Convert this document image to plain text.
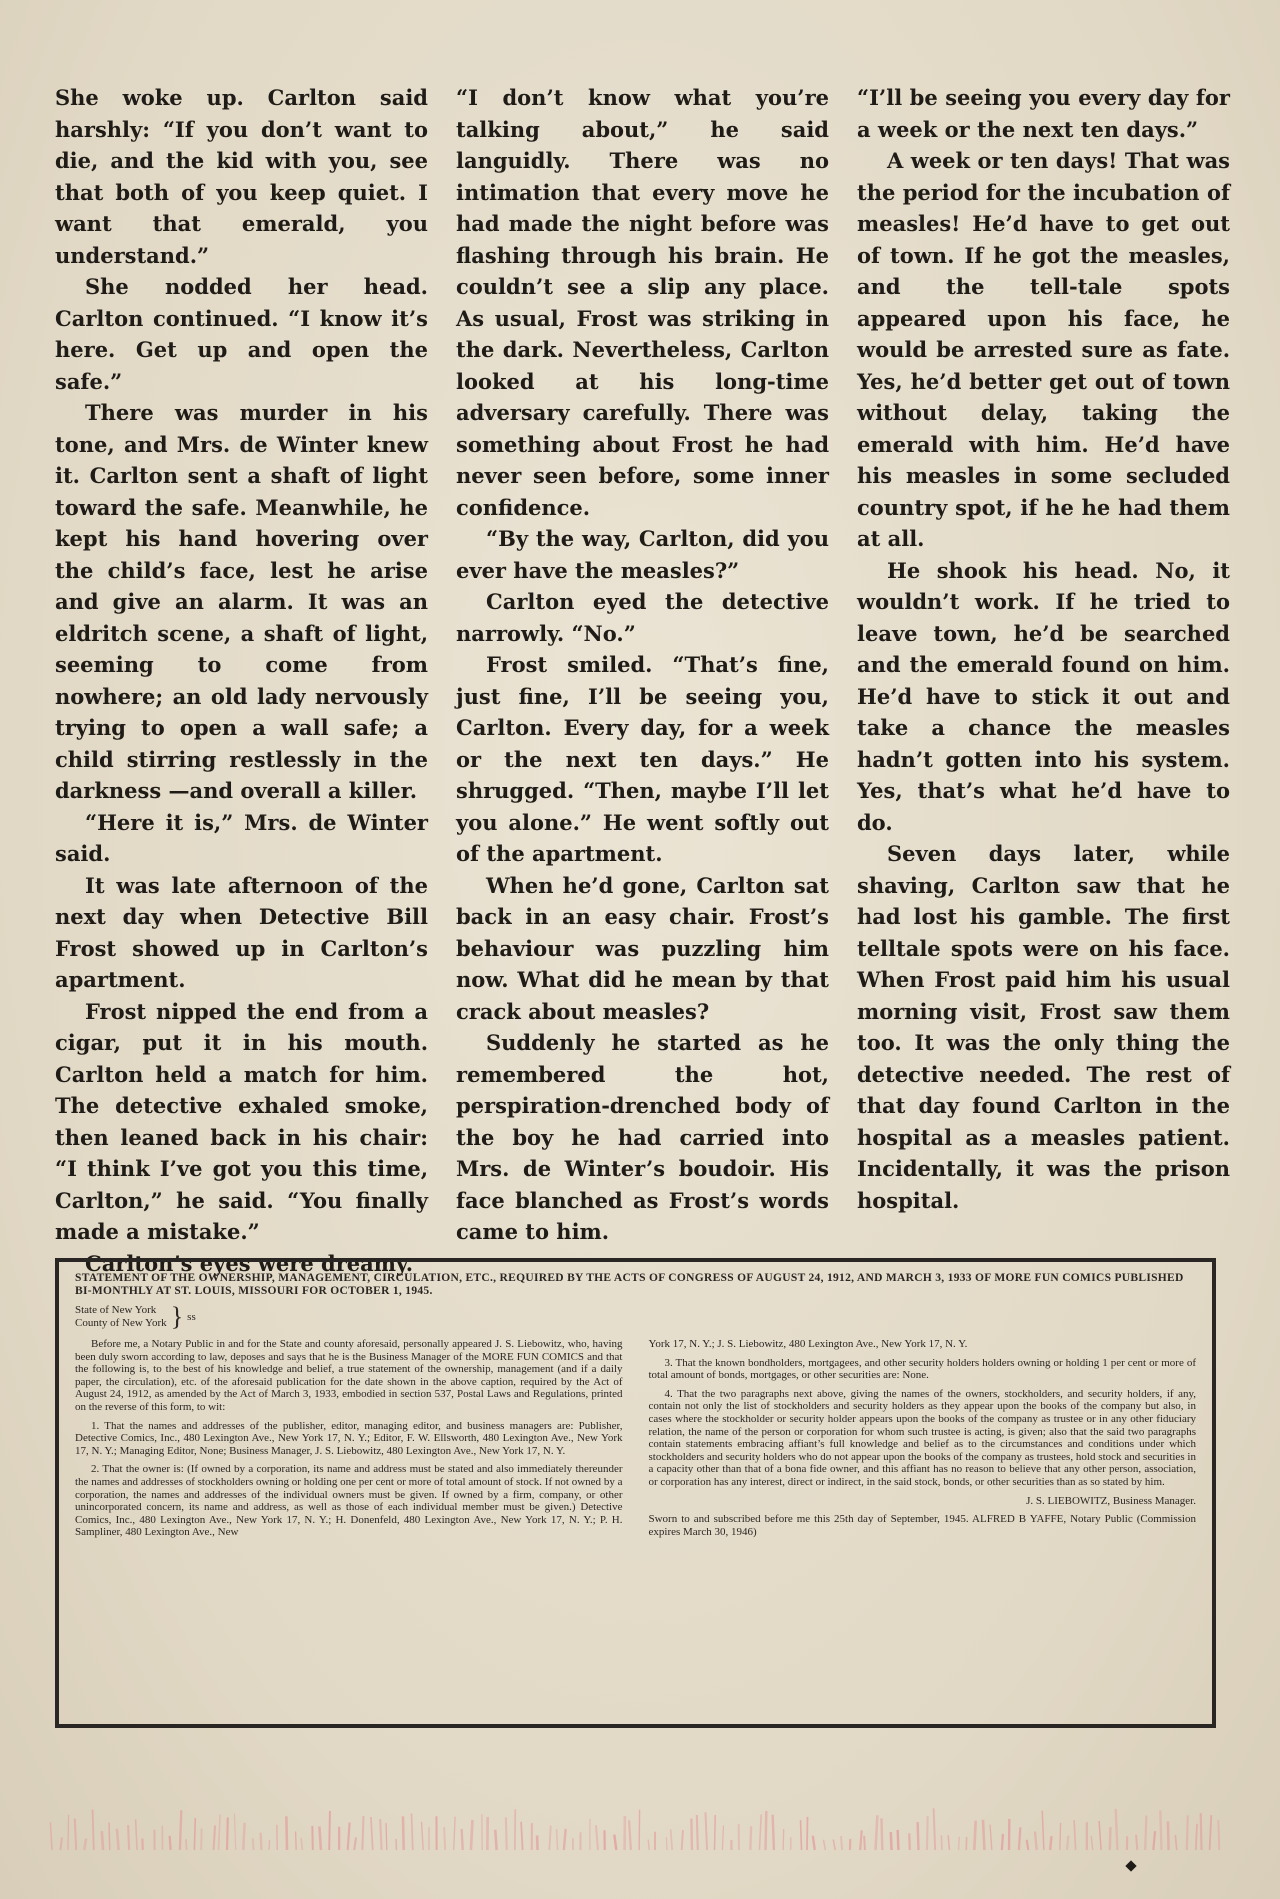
She woke up. Carlton said harshly: “If you don’t want to die, and the kid with you, see that both of you keep quiet. I want that emerald, you understand.”

She nodded her head. Carlton continued. “I know it’s here. Get up and open the safe.”

There was murder in his tone, and Mrs. de Winter knew it. Carlton sent a shaft of light toward the safe. Meanwhile, he kept his hand hovering over the child’s face, lest he arise and give an alarm. It was an eldritch scene, a shaft of light, seeming to come from nowhere; an old lady nervously trying to open a wall safe; a child stirring restlessly in the darkness —and overall a killer.

“Here it is,” Mrs. de Winter said.

It was late afternoon of the next day when Detective Bill Frost showed up in Carlton’s apartment.

Frost nipped the end from a cigar, put it in his mouth. Carlton held a match for him. The detective exhaled smoke, then leaned back in his chair: “I think I’ve got you this time, Carlton,” he said. “You finally made a mistake.”

Carlton’s eyes were dreamy.

“I don’t know what you’re talking about,” he said languidly. There was no intimation that every move he had made the night before was flashing through his brain. He couldn’t see a slip any place. As usual, Frost was striking in the dark. Nevertheless, Carlton looked at his long-time adversary carefully. There was something about Frost he had never seen before, some inner confidence.

“By the way, Carlton, did you ever have the measles?”

Carlton eyed the detective narrowly. “No.”

Frost smiled. “That’s fine, just fine, I’ll be seeing you, Carlton. Every day, for a week or the next ten days.” He shrugged. “Then, maybe I’ll let you alone.” He went softly out of the apartment.

When he’d gone, Carlton sat back in an easy chair. Frost’s behaviour was puzzling him now. What did he mean by that crack about measles?

Suddenly he started as he remembered the hot, perspiration-drenched body of the boy he had carried into Mrs. de Winter’s boudoir. His face blanched as Frost’s words came to him.

“I’ll be seeing you every day for a week or the next ten days.”

A week or ten days! That was the period for the incubation of measles! He’d have to get out of town. If he got the measles, and the tell-tale spots appeared upon his face, he would be arrested sure as fate. Yes, he’d better get out of town without delay, taking the emerald with him. He’d have his measles in some secluded country spot, if he he had them at all.

He shook his head. No, it wouldn’t work. If he tried to leave town, he’d be searched and the emerald found on him. He’d have to stick it out and take a chance the measles hadn’t gotten into his system. Yes, that’s what he’d have to do.

Seven days later, while shaving, Carlton saw that he had lost his gamble. The first telltale spots were on his face. When Frost paid him his usual morning visit, Frost saw them too. It was the only thing the detective needed. The rest of that day found Carlton in the hospital as a measles patient. Incidentally, it was the prison hospital.

STATEMENT OF THE OWNERSHIP, MANAGEMENT, CIRCULATION, ETC., REQUIRED BY THE ACTS OF CONGRESS OF AUGUST 24, 1912, AND MARCH 3, 1933 OF MORE FUN COMICS PUBLISHED BI-MONTHLY AT ST. LOUIS, MISSOURI FOR OCTOBER 1, 1945.
State of New York
County of New York } ss

Before me, a Notary Public in and for the State and county aforesaid, personally appeared J. S. Liebowitz, who, having been duly sworn according to law, deposes and says that he is the Business Manager of the MORE FUN COMICS and that the following is, to the best of his knowledge and belief, a true statement of the ownership, management (and if a daily paper, the circulation), etc. of the aforesaid publication for the date shown in the above caption, required by the Act of August 24, 1912, as amended by the Act of March 3, 1933, embodied in section 537, Postal Laws and Regulations, printed on the reverse of this form, to wit:

1. That the names and addresses of the publisher, editor, managing editor, and business managers are: Publisher, Detective Comics, Inc., 480 Lexington Ave., New York 17, N. Y.; Editor, F. W. Ellsworth, 480 Lexington Ave., New York 17, N. Y.; Managing Editor, None; Business Manager, J. S. Liebowitz, 480 Lexington Ave., New York 17, N. Y.

2. That the owner is: (If owned by a corporation, its name and address must be stated and also immediately thereunder the names and addresses of stockholders owning or holding one per cent or more of total amount of stock. If not owned by a corporation, the names and addresses of the individual owners must be given. If owned by a firm, company, or other unincorporated concern, its name and address, as well as those of each individual member must be given.) Detective Comics, Inc., 480 Lexington Ave., New York 17, N. Y.; H. Donenfeld, 480 Lexington Ave., New York 17, N. Y.; P. H. Sampliner, 480 Lexington Ave., New

York 17, N. Y.; J. S. Liebowitz, 480 Lexington Ave., New York 17, N. Y.

3. That the known bondholders, mortgagees, and other security holders holders owning or holding 1 per cent or more of total amount of bonds, mortgages, or other securities are: None.

4. That the two paragraphs next above, giving the names of the owners, stockholders, and security holders, if any, contain not only the list of stockholders and security holders as they appear upon the books of the company but also, in cases where the stockholder or security holder appears upon the books of the company as trustee or in any other fiduciary relation, the name of the person or corporation for whom such trustee is acting, is given; also that the said two paragraphs contain statements embracing affiant’s full knowledge and belief as to the circumstances and conditions under which stockholders and security holders who do not appear upon the books of the company as trustees, hold stock and securities in a capacity other than that of a bona fide owner, and this affiant has no reason to believe that any other person, association, or corporation has any interest, direct or indirect, in the said stock, bonds, or other securities than as so stated by him.

J. S. LIEBOWITZ, Business Manager.

Sworn to and subscribed before me this 25th day of September, 1945. ALFRED B YAFFE, Notary Public (Commission expires March 30, 1946)
